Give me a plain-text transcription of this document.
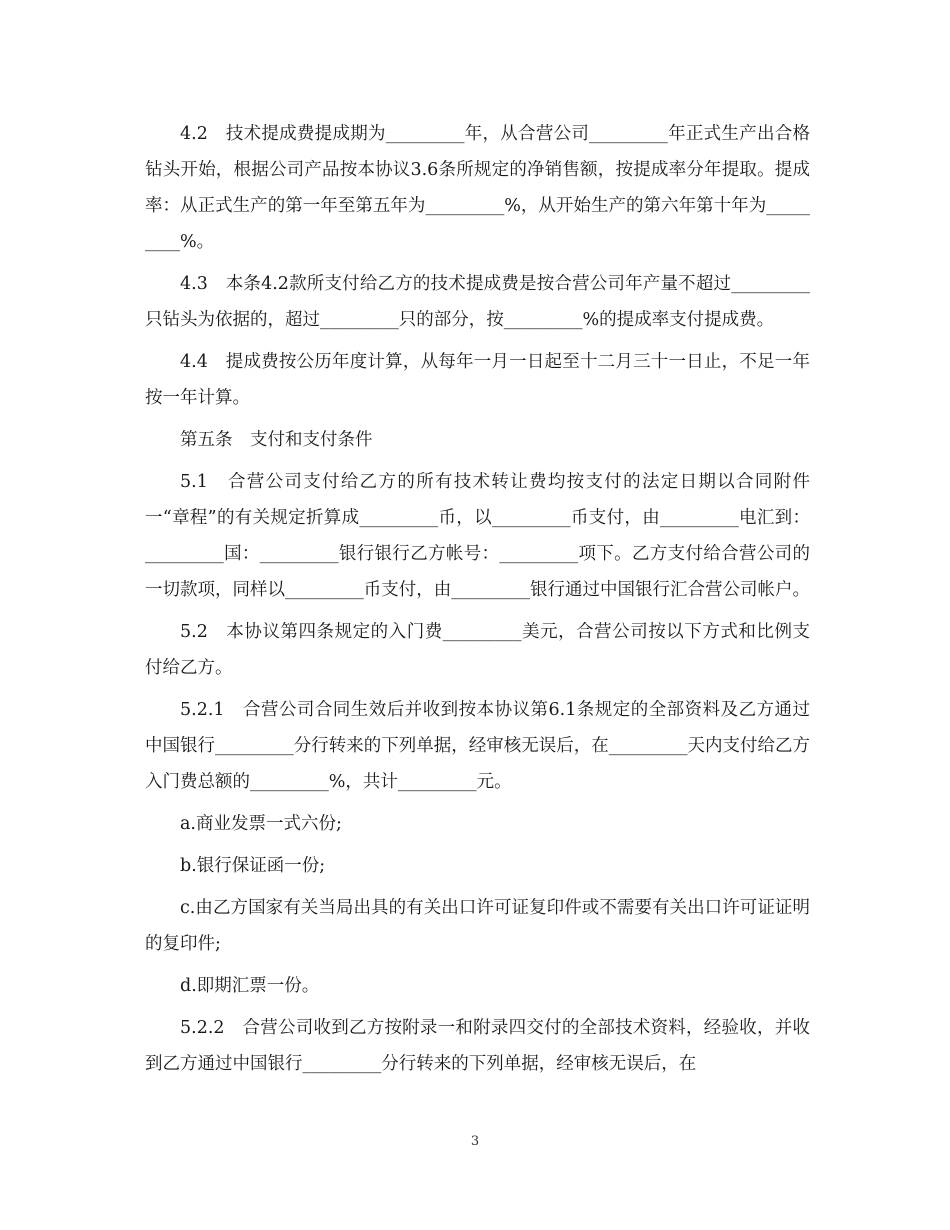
4.2　技术提成费提成期为_________年，从合营公司_________年正式生产出合格钻头开始，根据公司产品按本协议3.6条所规定的净销售额，按提成率分年提取。提成率：从正式生产的第一年至第五年为_________%，从开始生产的第六年第十年为_________%。

4.3　本条4.2款所支付给乙方的技术提成费是按合营公司年产量不超过_________只钻头为依据的，超过_________只的部分，按_________%的提成率支付提成费。

4.4　提成费按公历年度计算，从每年一月一日起至十二月三十一日止，不足一年按一年计算。

第五条　支付和支付条件

5.1　合营公司支付给乙方的所有技术转让费均按支付的法定日期以合同附件一“章程”的有关规定折算成_________币，以_________币支付，由_________电汇到：_________国：_________银行银行乙方帐号：_________项下。乙方支付给合营公司的一切款项，同样以_________币支付，由_________银行通过中国银行汇合营公司帐户。

5.2　本协议第四条规定的入门费_________美元，合营公司按以下方式和比例支付给乙方。

5.2.1　合营公司合同生效后并收到按本协议第6.1条规定的全部资料及乙方通过中国银行_________分行转来的下列单据，经审核无误后，在_________天内支付给乙方入门费总额的_________%，共计_________元。

a.商业发票一式六份;

b.银行保证函一份;

c.由乙方国家有关当局出具的有关出口许可证复印件或不需要有关出口许可证证明的复印件;

d.即期汇票一份。

5.2.2　合营公司收到乙方按附录一和附录四交付的全部技术资料，经验收，并收到乙方通过中国银行_________分行转来的下列单据，经审核无误后，在

3
